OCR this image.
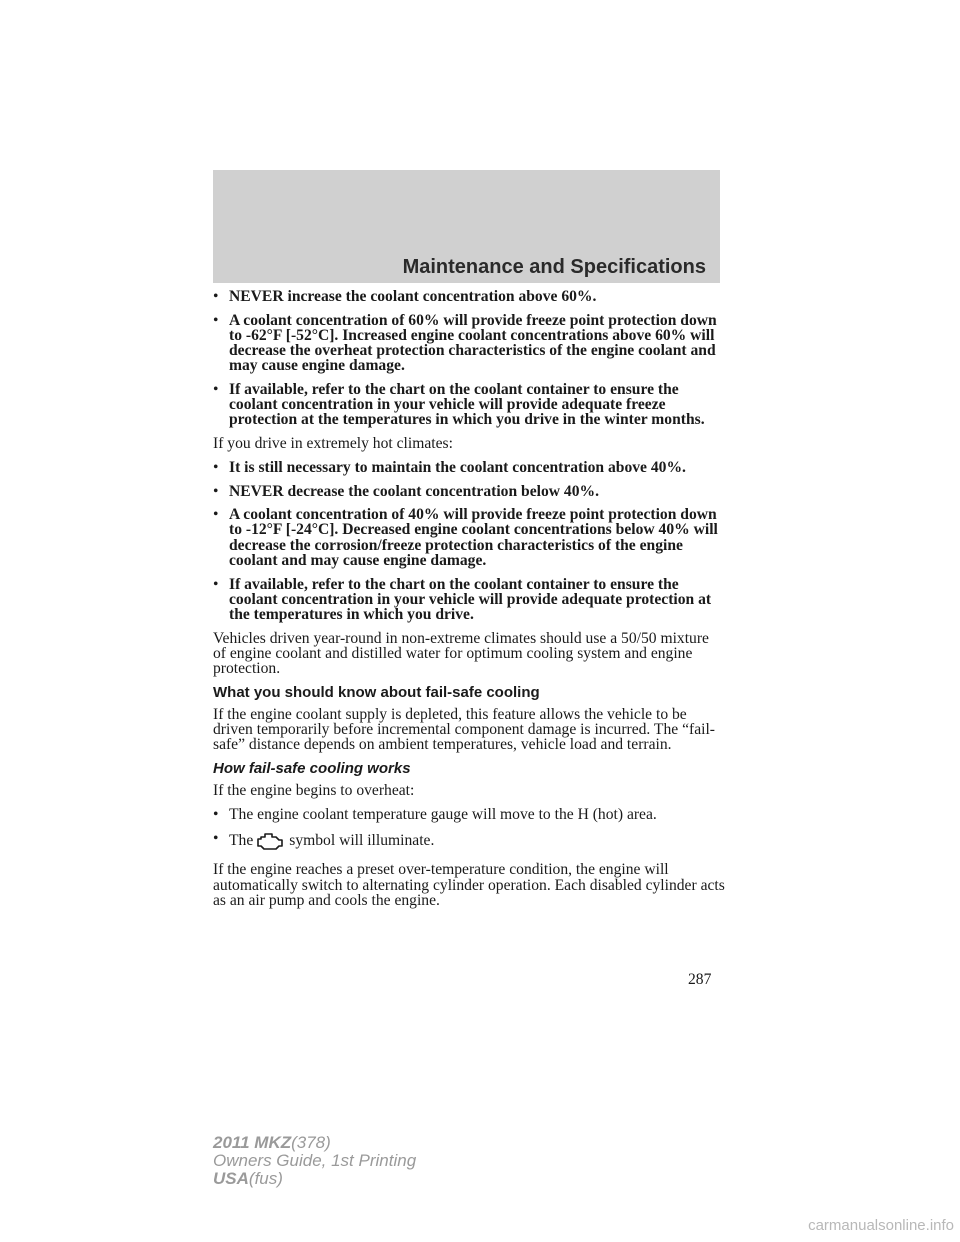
Maintenance and Specifications
• NEVER increase the coolant concentration above 60%.
• A coolant concentration of 60% will provide freeze point protection down to -62°F [-52°C]. Increased engine coolant concentrations above 60% will decrease the overheat protection characteristics of the engine coolant and may cause engine damage.
• If available, refer to the chart on the coolant container to ensure the coolant concentration in your vehicle will provide adequate freeze protection at the temperatures in which you drive in the winter months.

If you drive in extremely hot climates:

• It is still necessary to maintain the coolant concentration above 40%.
• NEVER decrease the coolant concentration below 40%.
• A coolant concentration of 40% will provide freeze point protection down to -12°F [-24°C]. Decreased engine coolant concentrations below 40% will decrease the corrosion/freeze protection characteristics of the engine coolant and may cause engine damage.
• If available, refer to the chart on the coolant container to ensure the coolant concentration in your vehicle will provide adequate protection at the temperatures in which you drive.

Vehicles driven year-round in non-extreme climates should use a 50/50 mixture of engine coolant and distilled water for optimum cooling system and engine protection.

What you should know about fail-safe cooling

If the engine coolant supply is depleted, this feature allows the vehicle to be driven temporarily before incremental component damage is incurred. The “fail-safe” distance depends on ambient temperatures, vehicle load and terrain.

How fail-safe cooling works

If the engine begins to overheat:

• The engine coolant temperature gauge will move to the H (hot) area.
• The symbol will illuminate.

If the engine reaches a preset over-temperature condition, the engine will automatically switch to alternating cylinder operation. Each disabled cylinder acts as an air pump and cools the engine.

287
2011 MKZ(378)
Owners Guide, 1st Printing
USA(fus)
carmanualsonline.info
